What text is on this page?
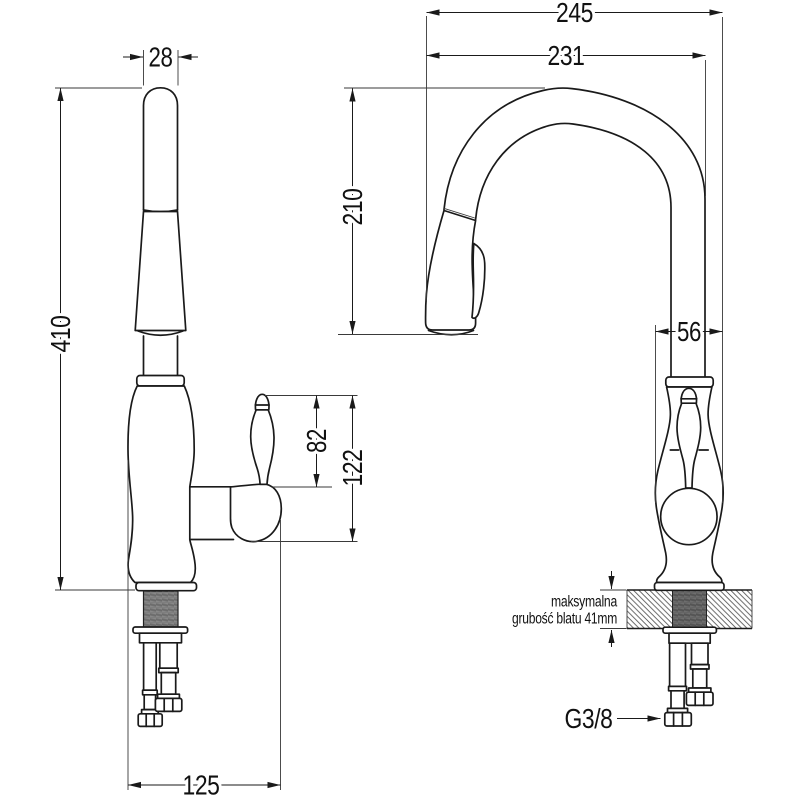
245
231
28
210
56
410
82
122
125
G3/8
maksymalna
grubość blatu 41mm
